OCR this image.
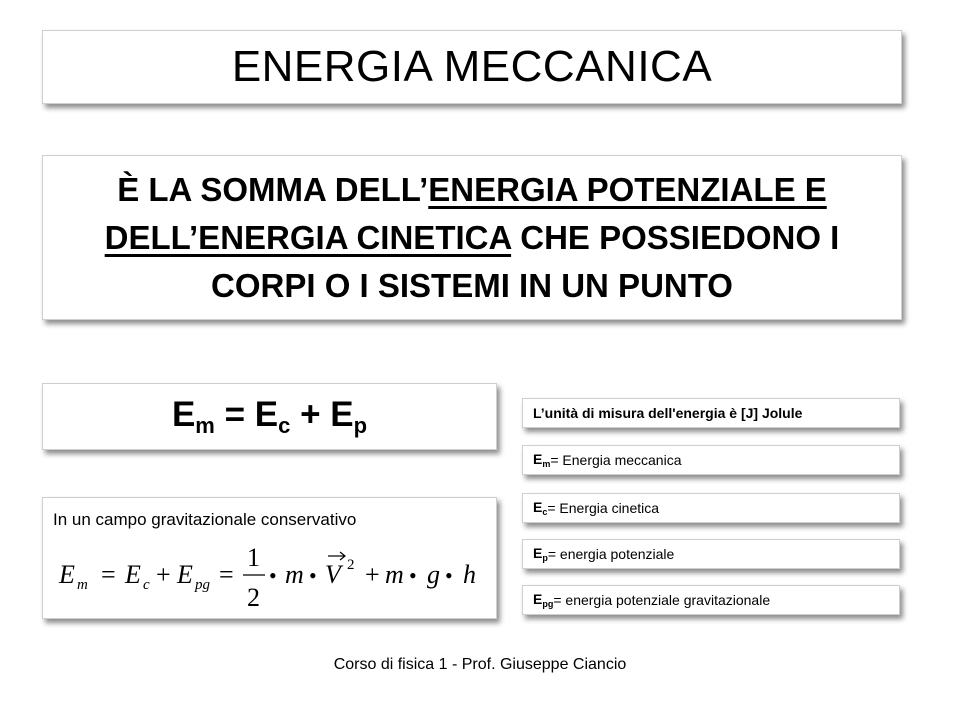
ENERGIA MECCANICA
È LA SOMMA DELL’ENERGIA POTENZIALE E DELL’ENERGIA CINETICA CHE POSSIEDONO I CORPI O I SISTEMI IN UN PUNTO
$E_m = E_c + E_p$
In un campo gravitazionale conservativo
E m = E c + E pg =
1
2
• m • V 2 + m • g • h
L’unità di misura dell'energia è [J] Jolule
$E_m$ = Energia meccanica
$E_c$ = Energia cinetica
$E_p$ = energia potenziale
$E_{pg}$ = energia potenziale gravitazionale
Corso di fisica 1 - Prof. Giuseppe Ciancio
